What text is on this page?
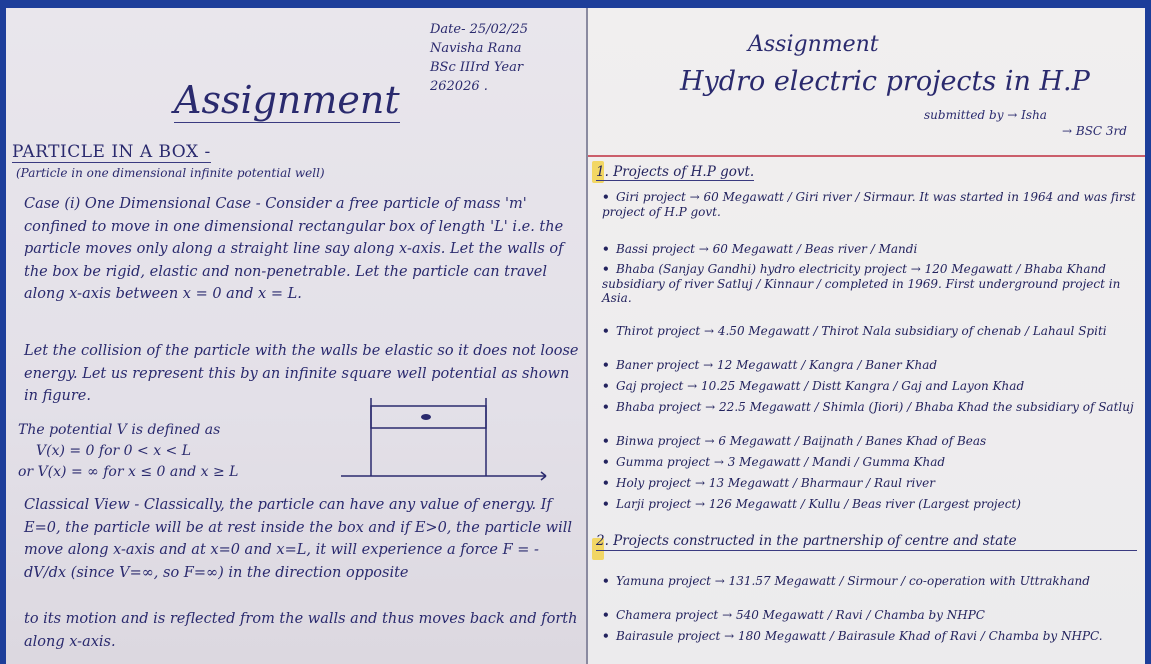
Date- 25/02/25
Navisha Rana
BSc IIIrd Year
262026 .
Assignment
PARTICLE IN A BOX -
(Particle in one dimensional infinite potential well)
Case (i) One Dimensional Case - Consider a free particle of mass 'm' confined to move in one dimensional rectangular box of length 'L' i.e. the particle moves only along a straight line say along x-axis. Let the walls of the box be rigid, elastic and non-penetrable. Let the particle can travel along x-axis between x = 0 and x = L.
Let the collision of the particle with the walls be elastic so it does not loose energy. Let us represent this by an infinite square well potential as shown in figure.
The potential V is defined as
V(x) = 0 for 0 < x < L
or V(x) = ∞ for x ≤ 0 and x ≥ L
Classical View - Classically, the particle can have any value of energy. If E=0, the particle will be at rest inside the box and if E>0, the particle will move along x-axis and at x=0 and x=L, it will experience a force F = -dV/dx (since V=∞, so F=∞) in the direction opposite
to its motion and is reflected from the walls and thus moves back and forth along x-axis.
Assignment
Hydro electric projects in H.P
submitted by → Isha
→ BSC 3rd
1. Projects of H.P govt.
• Giri project → 60 Megawatt / Giri river / Sirmaur. It was started in 1964 and was first project of H.P govt.
• Bassi project → 60 Megawatt / Beas river / Mandi
• Bhaba (Sanjay Gandhi) hydro electricity project → 120 Megawatt / Bhaba Khand subsidiary of river Satluj / Kinnaur / completed in 1969. First underground project in Asia.
• Thirot project → 4.50 Megawatt / Thirot Nala subsidiary of chenab / Lahaul Spiti
• Baner project → 12 Megawatt / Kangra / Baner Khad
• Gaj project → 10.25 Megawatt / Distt Kangra / Gaj and Layon Khad
• Bhaba project → 22.5 Megawatt / Shimla (Jiori) / Bhaba Khad the subsidiary of Satluj
• Binwa project → 6 Megawatt / Baijnath / Banes Khad of Beas
• Gumma project → 3 Megawatt / Mandi / Gumma Khad
• Holy project → 13 Megawatt / Bharmaur / Raul river
• Larji project → 126 Megawatt / Kullu / Beas river (Largest project)
2. Projects constructed in the partnership of centre and state
• Yamuna project → 131.57 Megawatt / Sirmour / co-operation with Uttrakhand
• Chamera project → 540 Megawatt / Ravi / Chamba by NHPC
• Bairasule project → 180 Megawatt / Bairasule Khad of Ravi / Chamba by NHPC.
